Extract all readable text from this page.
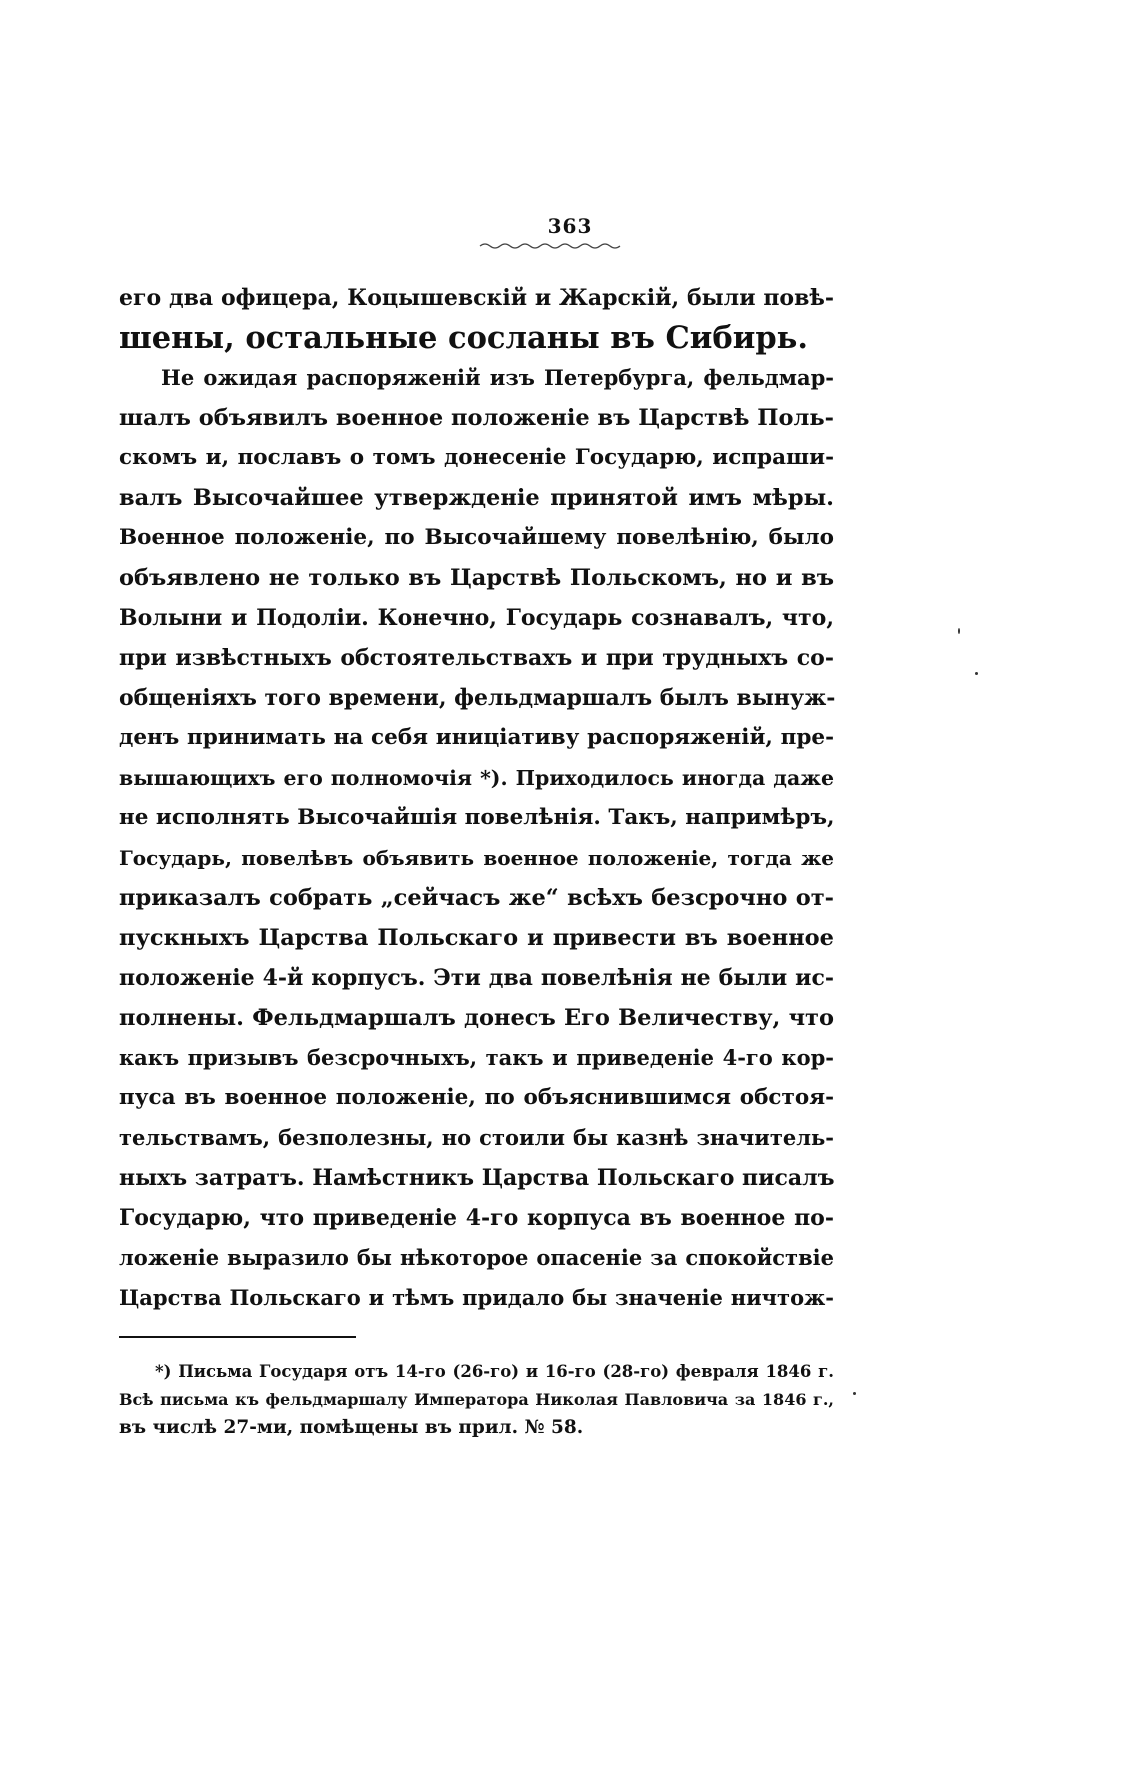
363
его два офицера, Коцышевскій и Жарскій, были повѣ-
шены, остальные сосланы въ Сибирь.
Не ожидая распоряженій изъ Петербурга, фельдмар-
шалъ объявилъ военное положеніе въ Царствѣ Поль-
скомъ и, пославъ о томъ донесеніе Государю, испраши-
валъ Высочайшее утвержденіе принятой имъ мѣры.
Военное положеніе, по Высочайшему повелѣнію, было
объявлено не только въ Царствѣ Польскомъ, но и въ
Волыни и Подоліи. Конечно, Государь сознавалъ, что,
при извѣстныхъ обстоятельствахъ и при трудныхъ со-
общеніяхъ того времени, фельдмаршалъ былъ вынуж-
денъ принимать на себя иниціативу распоряженій, пре-
вышающихъ его полномочія *). Приходилось иногда даже
не исполнять Высочайшія повелѣнія. Такъ, напримѣръ,
Государь, повелѣвъ объявить военное положеніе, тогда же
приказалъ собрать „сейчасъ же“ всѣхъ безсрочно от-
пускныхъ Царства Польскаго и привести въ военное
положеніе 4-й корпусъ. Эти два повелѣнія не были ис-
полнены. Фельдмаршалъ донесъ Его Величеству, что
какъ призывъ безсрочныхъ, такъ и приведеніе 4-го кор-
пуса въ военное положеніе, по объяснившимся обстоя-
тельствамъ, безполезны, но стоили бы казнѣ значитель-
ныхъ затратъ. Намѣстникъ Царства Польскаго писалъ
Государю, что приведеніе 4-го корпуса въ военное по-
ложеніе выразило бы нѣкоторое опасеніе за спокойствіе
Царства Польскаго и тѣмъ придало бы значеніе ничтож-
*) Письма Государя отъ 14-го (26-го) и 16-го (28-го) февраля 1846 г.
Всѣ письма къ фельдмаршалу Императора Николая Павловича за 1846 г.,
въ числѣ 27-ми, помѣщены въ прил. № 58.
